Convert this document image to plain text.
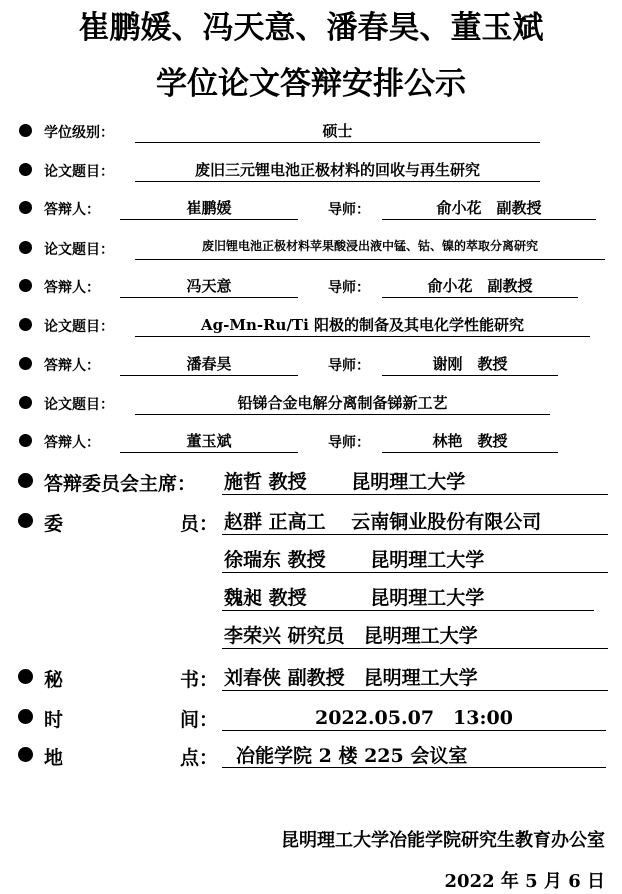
崔鹏媛、冯天意、潘春昊、董玉斌
学位论文答辩安排公示
学位级别：	硕士
论文题目：	废旧三元锂电池正极材料的回收与再生研究
答辩人：	崔鹏媛	导师：	俞小花　副教授
论文题目：	废旧锂电池正极材料苹果酸浸出液中锰、钴、镍的萃取分离研究
答辩人：	冯天意	导师：	俞小花　副教授
论文题目：	Ag-Mn-Ru/Ti 阳极的制备及其电化学性能研究
答辩人：	潘春昊	导师：	谢刚　教授
论文题目：	铅锑合金电解分离制备锑新工艺
答辩人：	董玉斌	导师：	林艳　教授
答辩委员会主席： 施哲 教授　　 昆明理工大学
委	员： 赵群 正高工　 云南铜业股份有限公司
徐瑞东 教授　　 昆明理工大学
魏昶 教授　　　 昆明理工大学
李荣兴 研究员　昆明理工大学
秘	书： 刘春侠 副教授　昆明理工大学
时	间：	2022.05.07　13:00
地	点： 冶能学院 2 楼 225 会议室
昆明理工大学冶能学院研究生教育办公室
2022 年 5 月 6 日
